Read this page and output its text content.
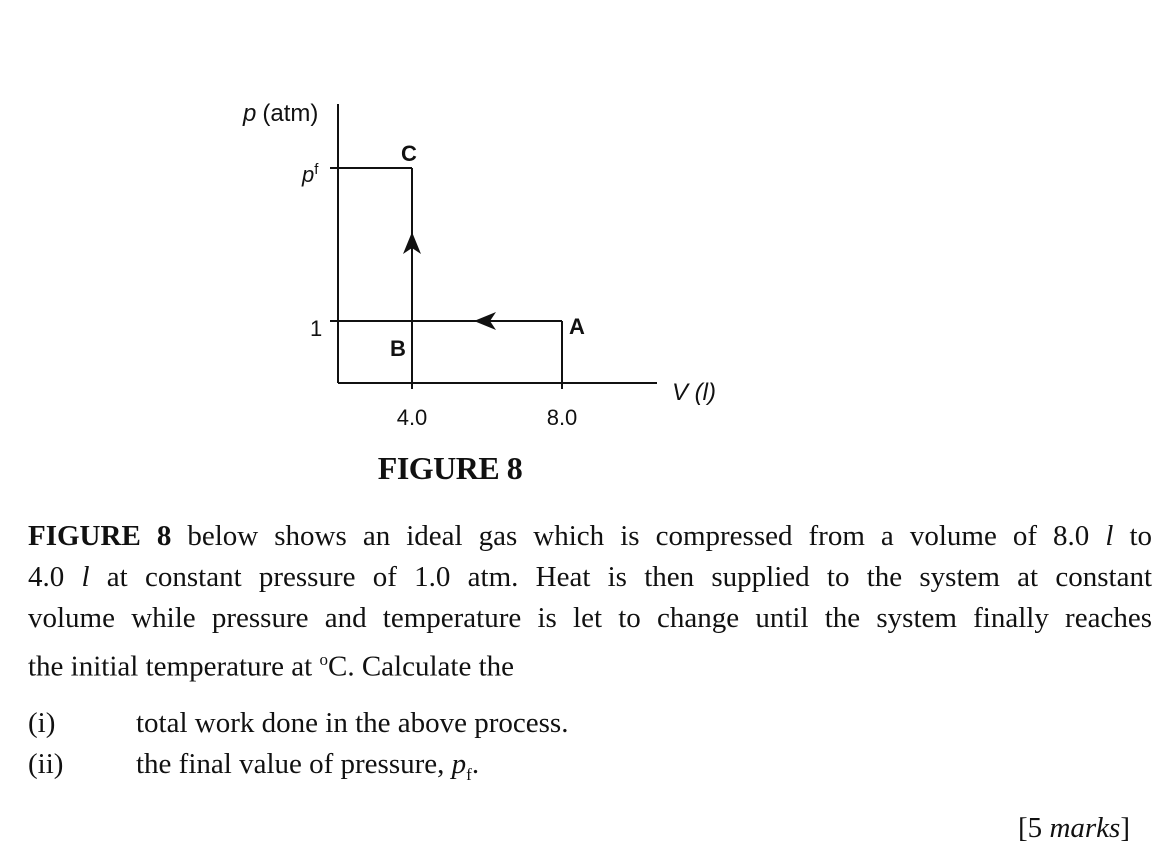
p (atm)
$p^f$
1
4.0	8.0
V (l)
C
A
B
FIGURE 8
FIGURE 8 below shows an ideal gas which is compressed from a volume of 8.0 l to
4.0 l at constant pressure of 1.0 atm. Heat is then supplied to the system at constant
volume while pressure and temperature is let to change until the system finally reaches
the initial temperature at $^o$C. Calculate the
(i)	total work done in the above process.
(ii)	the final value of pressure, $p_f$.
[5 marks]
